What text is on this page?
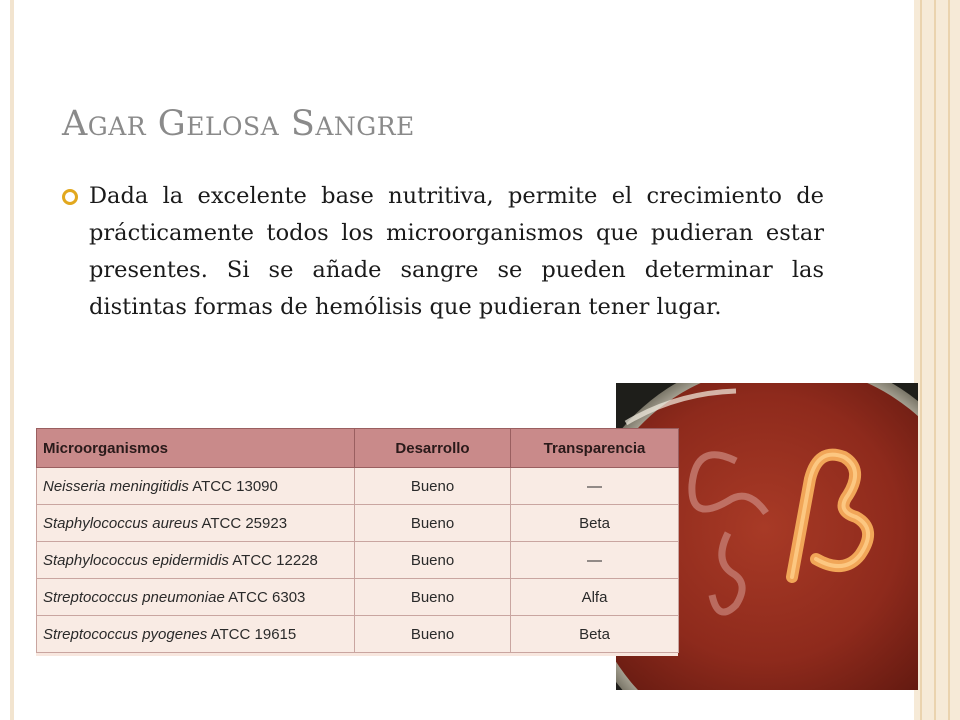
Agar Gelosa Sangre
Dada la excelente base nutritiva, permite el crecimiento de prácticamente todos los microorganismos que pudieran estar presentes. Si se añade sangre se pueden determinar las distintas formas de hemólisis que pudieran tener lugar.
Microorganismos	Desarrollo	Transparencia
Neisseria meningitidis ATCC 13090	Bueno	—
Staphylococcus aureus ATCC 25923	Bueno	Beta
Staphylococcus epidermidis ATCC 12228	Bueno	—
Streptococcus pneumoniae ATCC 6303	Bueno	Alfa
Streptococcus pyogenes ATCC 19615	Bueno	Beta
